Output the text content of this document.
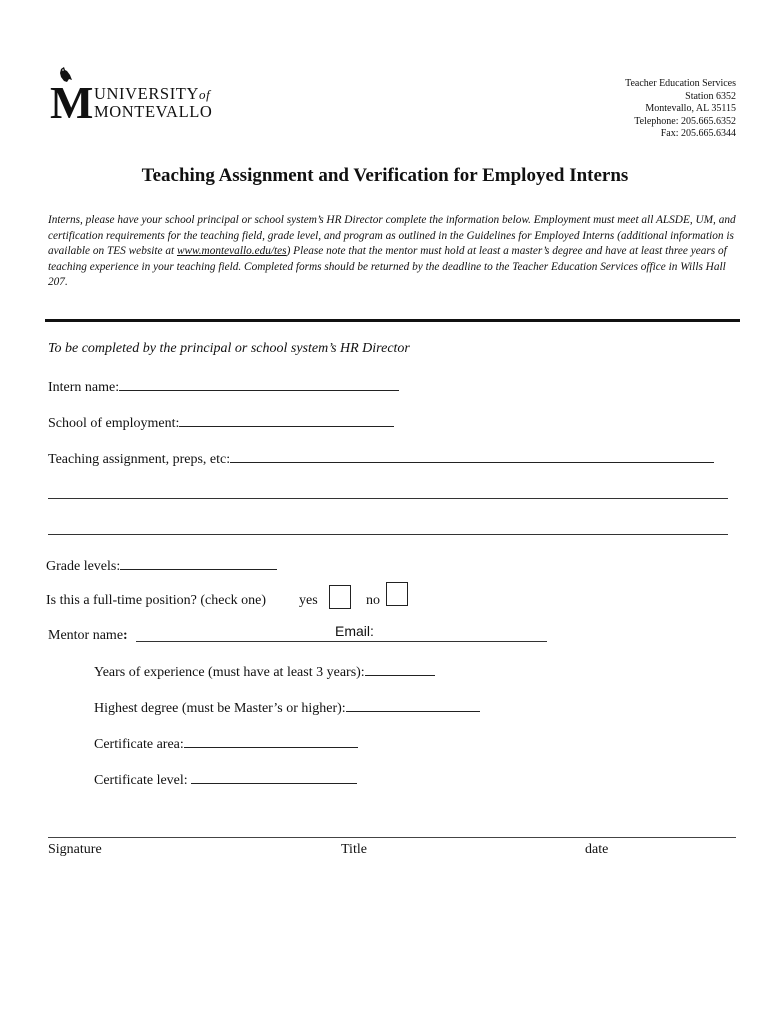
M UNIVERSITYof
MONTEVALLO
Teacher Education Services
Station 6352
Montevallo, AL 35115
Telephone: 205.665.6352
Fax: 205.665.6344
Teaching Assignment and Verification for Employed Interns
Interns, please have your school principal or school system’s HR Director complete the information below. Employment must meet all ALSDE, UM, and certification requirements for the teaching field, grade level, and program as outlined in the Guidelines for Employed Interns (additional information is available on TES website at www.montevallo.edu/tes) Please note that the mentor must hold at least a master’s degree and have at least three years of teaching experience in your teaching field. Completed forms should be returned by the deadline to the Teacher Education Services office in Wills Hall 207.
To be completed by the principal or school system’s HR Director
Intern name:
School of employment:
Teaching assignment, preps, etc:
Grade levels:
Is this a full-time position? (check one) yes	no
Mentor name:	Email:
Years of experience (must have at least 3 years):
Highest degree (must be Master’s or higher):
Certificate area:
Certificate level:
Signature	Title	date
